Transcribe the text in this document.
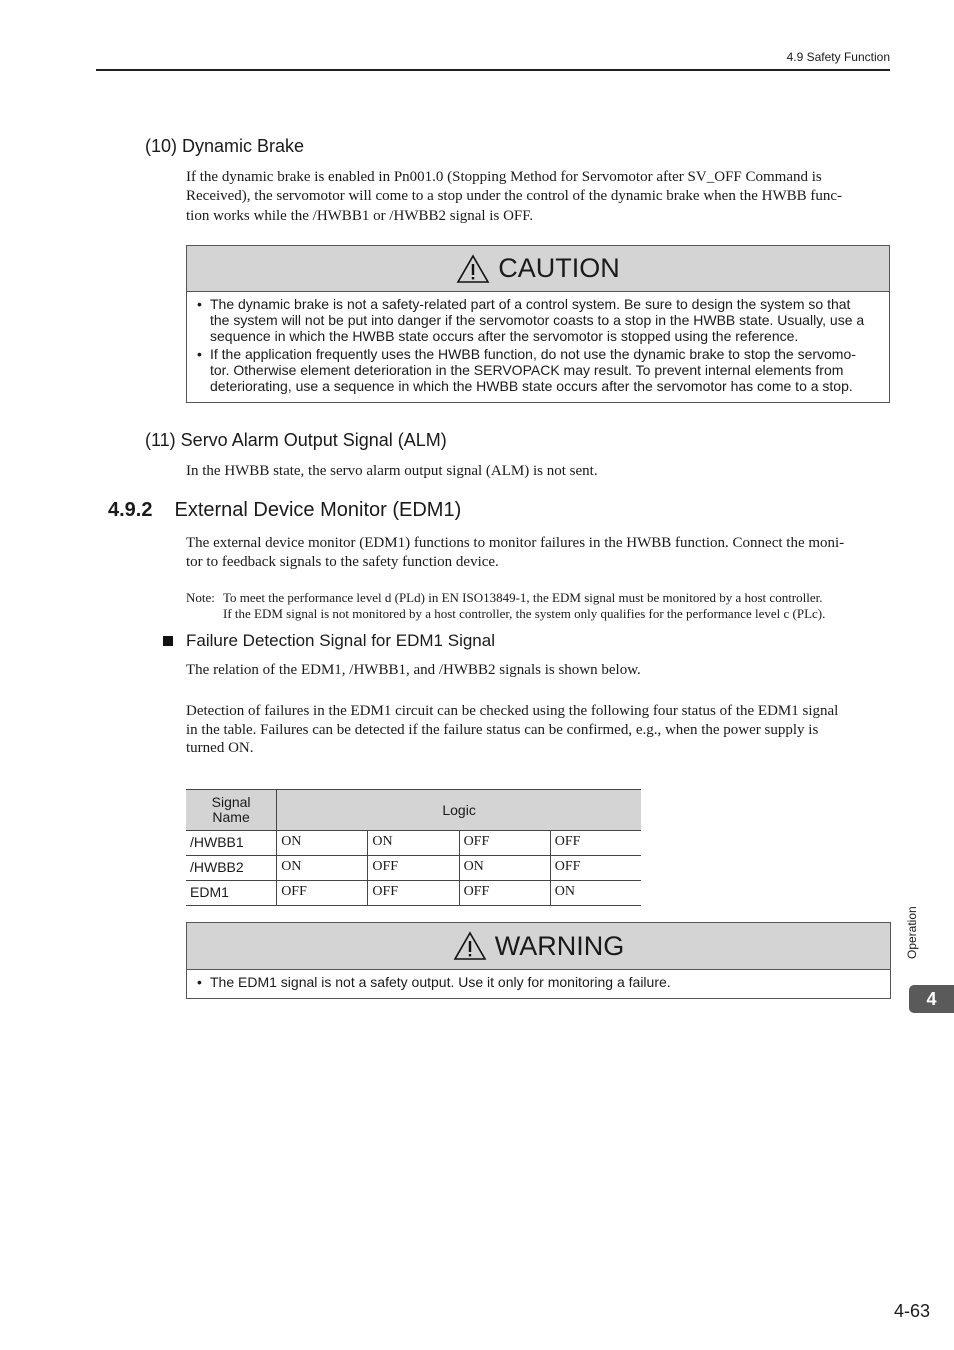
4.9 Safety Function
(10) Dynamic Brake
If the dynamic brake is enabled in Pn001.0 (Stopping Method for Servomotor after SV_OFF Command is
Received), the servomotor will come to a stop under the control of the dynamic brake when the HWBB func-
tion works while the /HWBB1 or /HWBB2 signal is OFF.
CAUTION
• The dynamic brake is not a safety-related part of a control system. Be sure to design the system so that
the system will not be put into danger if the servomotor coasts to a stop in the HWBB state. Usually, use a
sequence in which the HWBB state occurs after the servomotor is stopped using the reference.
• If the application frequently uses the HWBB function, do not use the dynamic brake to stop the servomo-
tor. Otherwise element deterioration in the SERVOPACK may result. To prevent internal elements from
deteriorating, use a sequence in which the HWBB state occurs after the servomotor has come to a stop.
(11) Servo Alarm Output Signal (ALM)
In the HWBB state, the servo alarm output signal (ALM) is not sent.
4.9.2 External Device Monitor (EDM1)
The external device monitor (EDM1) functions to monitor failures in the HWBB function. Connect the moni-
tor to feedback signals to the safety function device.
Note: To meet the performance level d (PLd) in EN ISO13849-1, the EDM signal must be monitored by a host controller.
If the EDM signal is not monitored by a host controller, the system only qualifies for the performance level c (PLc).
Failure Detection Signal for EDM1 Signal
The relation of the EDM1, /HWBB1, and /HWBB2 signals is shown below.
Detection of failures in the EDM1 circuit can be checked using the following four status of the EDM1 signal
in the table. Failures can be detected if the failure status can be confirmed, e.g., when the power supply is
turned ON.
Signal
Name	Logic			
/HWBB1	ON	ON	OFF	OFF
/HWBB2	ON	OFF	ON	OFF
EDM1	OFF	OFF	OFF	ON
WARNING
• The EDM1 signal is not a safety output. Use it only for monitoring a failure.
Operation
4
4-63
